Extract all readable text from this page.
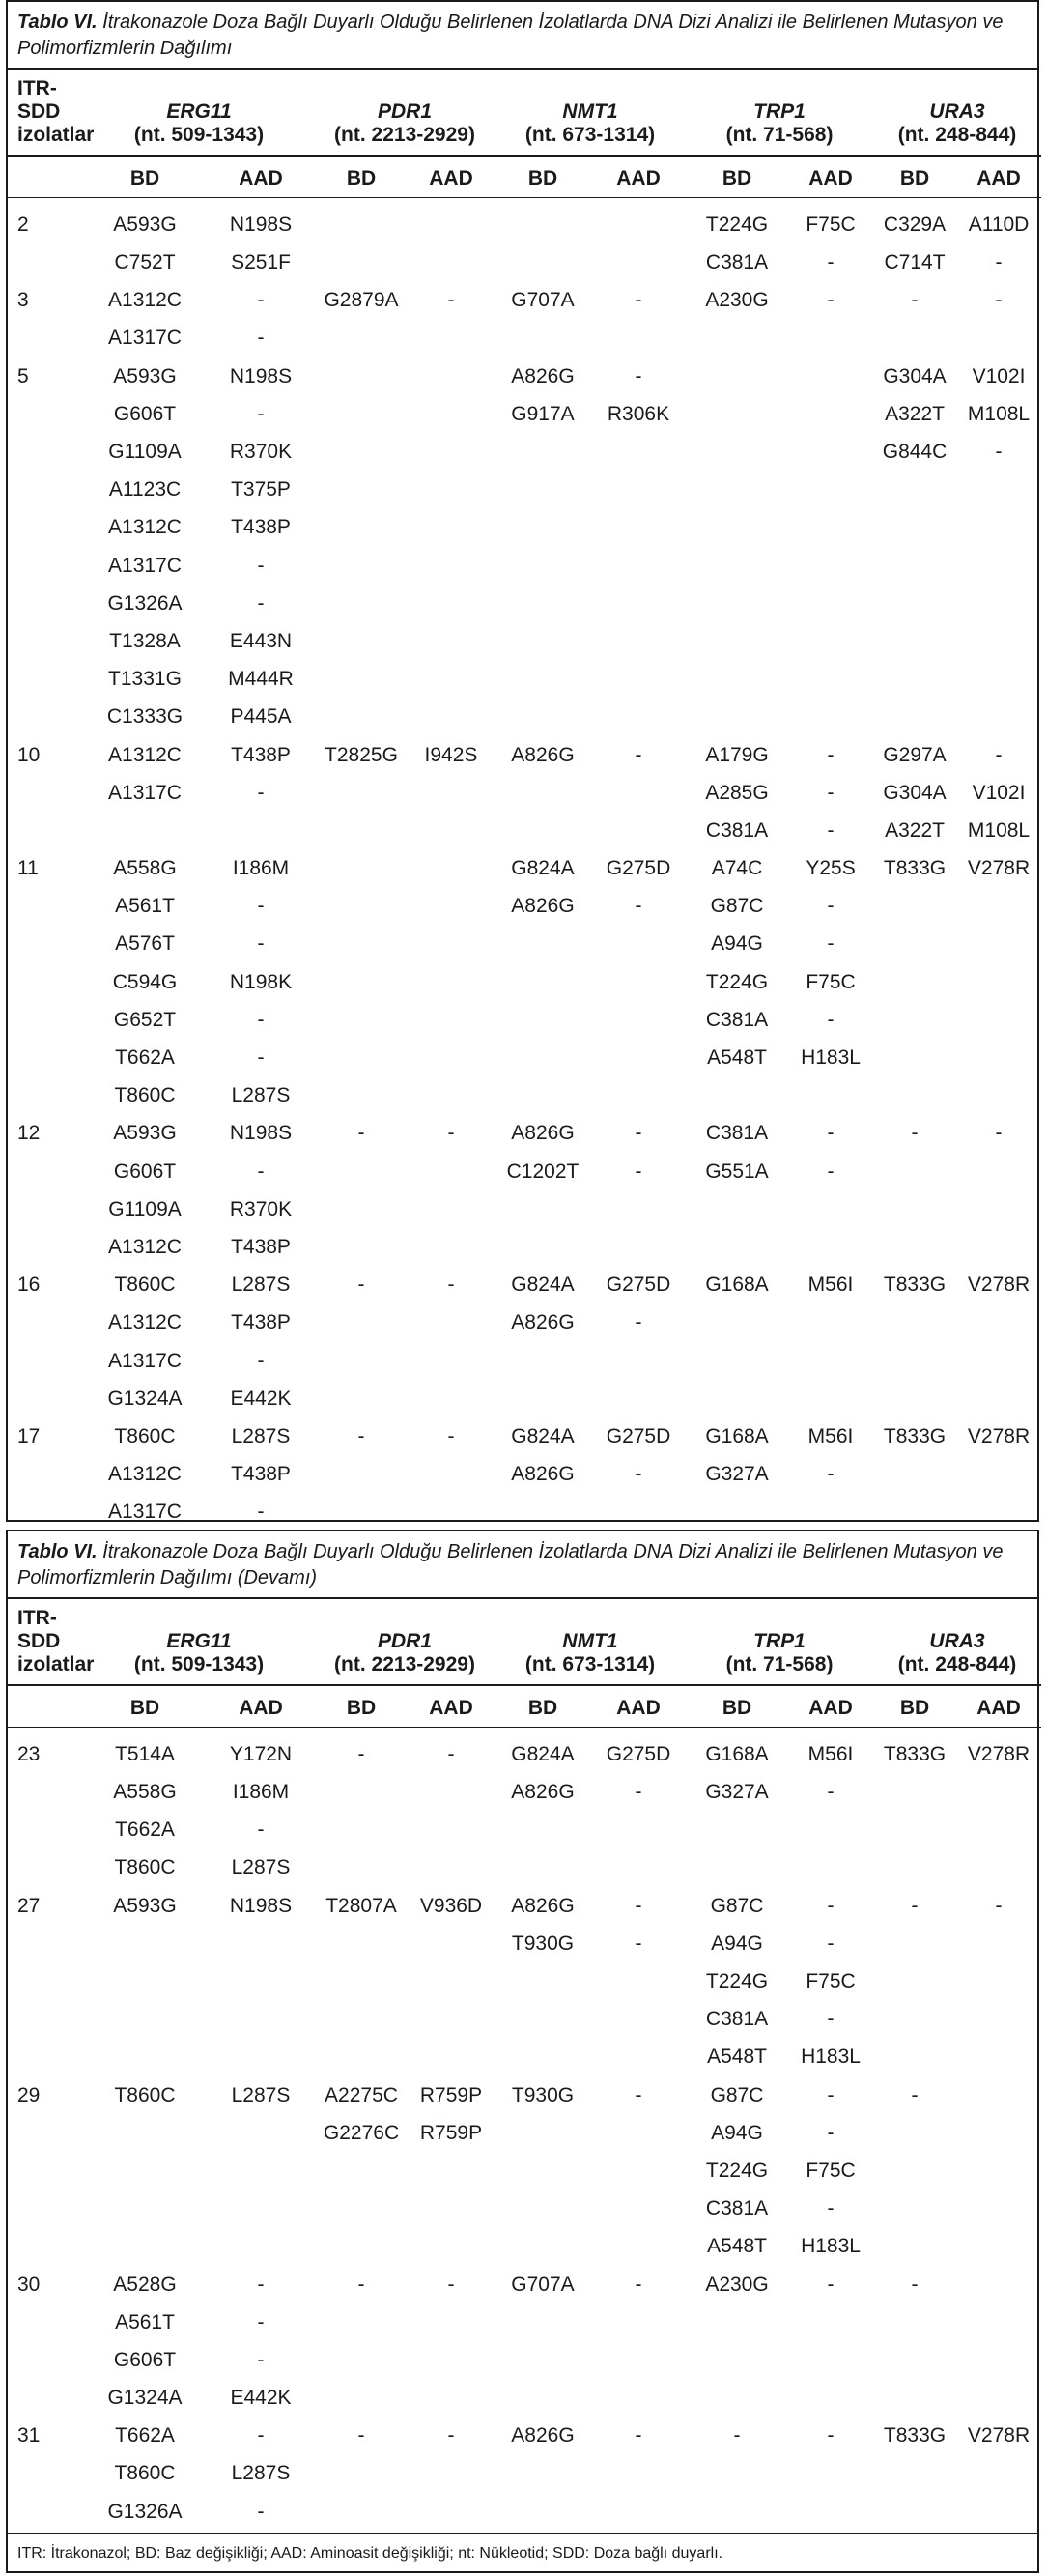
Tablo VI. İtrakonazole Doza Bağlı Duyarlı Olduğu Belirlenen İzolatlarda DNA Dizi Analizi ile Belirlenen Mutasyon ve Polimorfizmlerin Dağılımı

ITR-SDD	ERG11		PDR1		NMT1		TRP1		URA3	
izolatlar	(nt. 509-1343)		(nt. 2213-2929)		(nt. 673-1314)		(nt. 71-568)		(nt. 248-844)	
	BD	AAD	BD	AAD	BD	AAD	BD	AAD	BD	AAD
2	A593G	N198S					T224G	F75C	C329A	A110D
	C752T	S251F					C381A	-	C714T	-
3	A1312C	-	G2879A	-	G707A	-	A230G	-	-	-
	A1317C	-								
5	A593G	N198S			A826G	-			G304A	V102I
	G606T	-			G917A	R306K			A322T	M108L
	G1109A	R370K							G844C	-
	A1123C	T375P								
	A1312C	T438P								
	A1317C	-								
	G1326A	-								
	T1328A	E443N								
	T1331G	M444R								
	C1333G	P445A								
10	A1312C	T438P	T2825G	I942S	A826G	-	A179G	-	G297A	-
	A1317C	-					A285G	-	G304A	V102I
							C381A	-	A322T	M108L
11	A558G	I186M			G824A	G275D	A74C	Y25S	T833G	V278R
	A561T	-			A826G	-	G87C	-		
	A576T	-					A94G	-		
	C594G	N198K					T224G	F75C		
	G652T	-					C381A	-		
	T662A	-					A548T	H183L		
	T860C	L287S								
12	A593G	N198S	-	-	A826G	-	C381A	-	-	-
	G606T	-			C1202T	-	G551A	-		
	G1109A	R370K								
	A1312C	T438P								
16	T860C	L287S	-	-	G824A	G275D	G168A	M56I	T833G	V278R
	A1312C	T438P			A826G	-				
	A1317C	-								
	G1324A	E442K								
17	T860C	L287S	-	-	G824A	G275D	G168A	M56I	T833G	V278R
	A1312C	T438P			A826G	-	G327A	-		
	A1317C	-								

Tablo VI. İtrakonazole Doza Bağlı Duyarlı Olduğu Belirlenen İzolatlarda DNA Dizi Analizi ile Belirlenen Mutasyon ve Polimorfizmlerin Dağılımı (Devamı)

ITR-SDD	ERG11		PDR1		NMT1		TRP1		URA3	
izolatlar	(nt. 509-1343)		(nt. 2213-2929)		(nt. 673-1314)		(nt. 71-568)		(nt. 248-844)	
	BD	AAD	BD	AAD	BD	AAD	BD	AAD	BD	AAD
23	T514A	Y172N	-	-	G824A	G275D	G168A	M56I	T833G	V278R
	A558G	I186M			A826G	-	G327A	-		
	T662A	-								
	T860C	L287S								
27	A593G	N198S	T2807A	V936D	A826G	-	G87C	-	-	-
					T930G	-	A94G	-		
							T224G	F75C		
							C381A	-		
							A548T	H183L		
29	T860C	L287S	A2275C	R759P	T930G	-	G87C	-	-	
			G2276C	R759P			A94G	-		
							T224G	F75C		
							C381A	-		
							A548T	H183L		
30	A528G	-	-	-	G707A	-	A230G	-	-	
	A561T	-								
	G606T	-								
	G1324A	E442K								
31	T662A	-	-	-	A826G	-	-	-	T833G	V278R
	T860C	L287S								
	G1326A	-								
ITR: İtrakonazol; BD: Baz değişikliği; AAD: Aminoasit değişikliği; nt: Nükleotid; SDD: Doza bağlı duyarlı.
